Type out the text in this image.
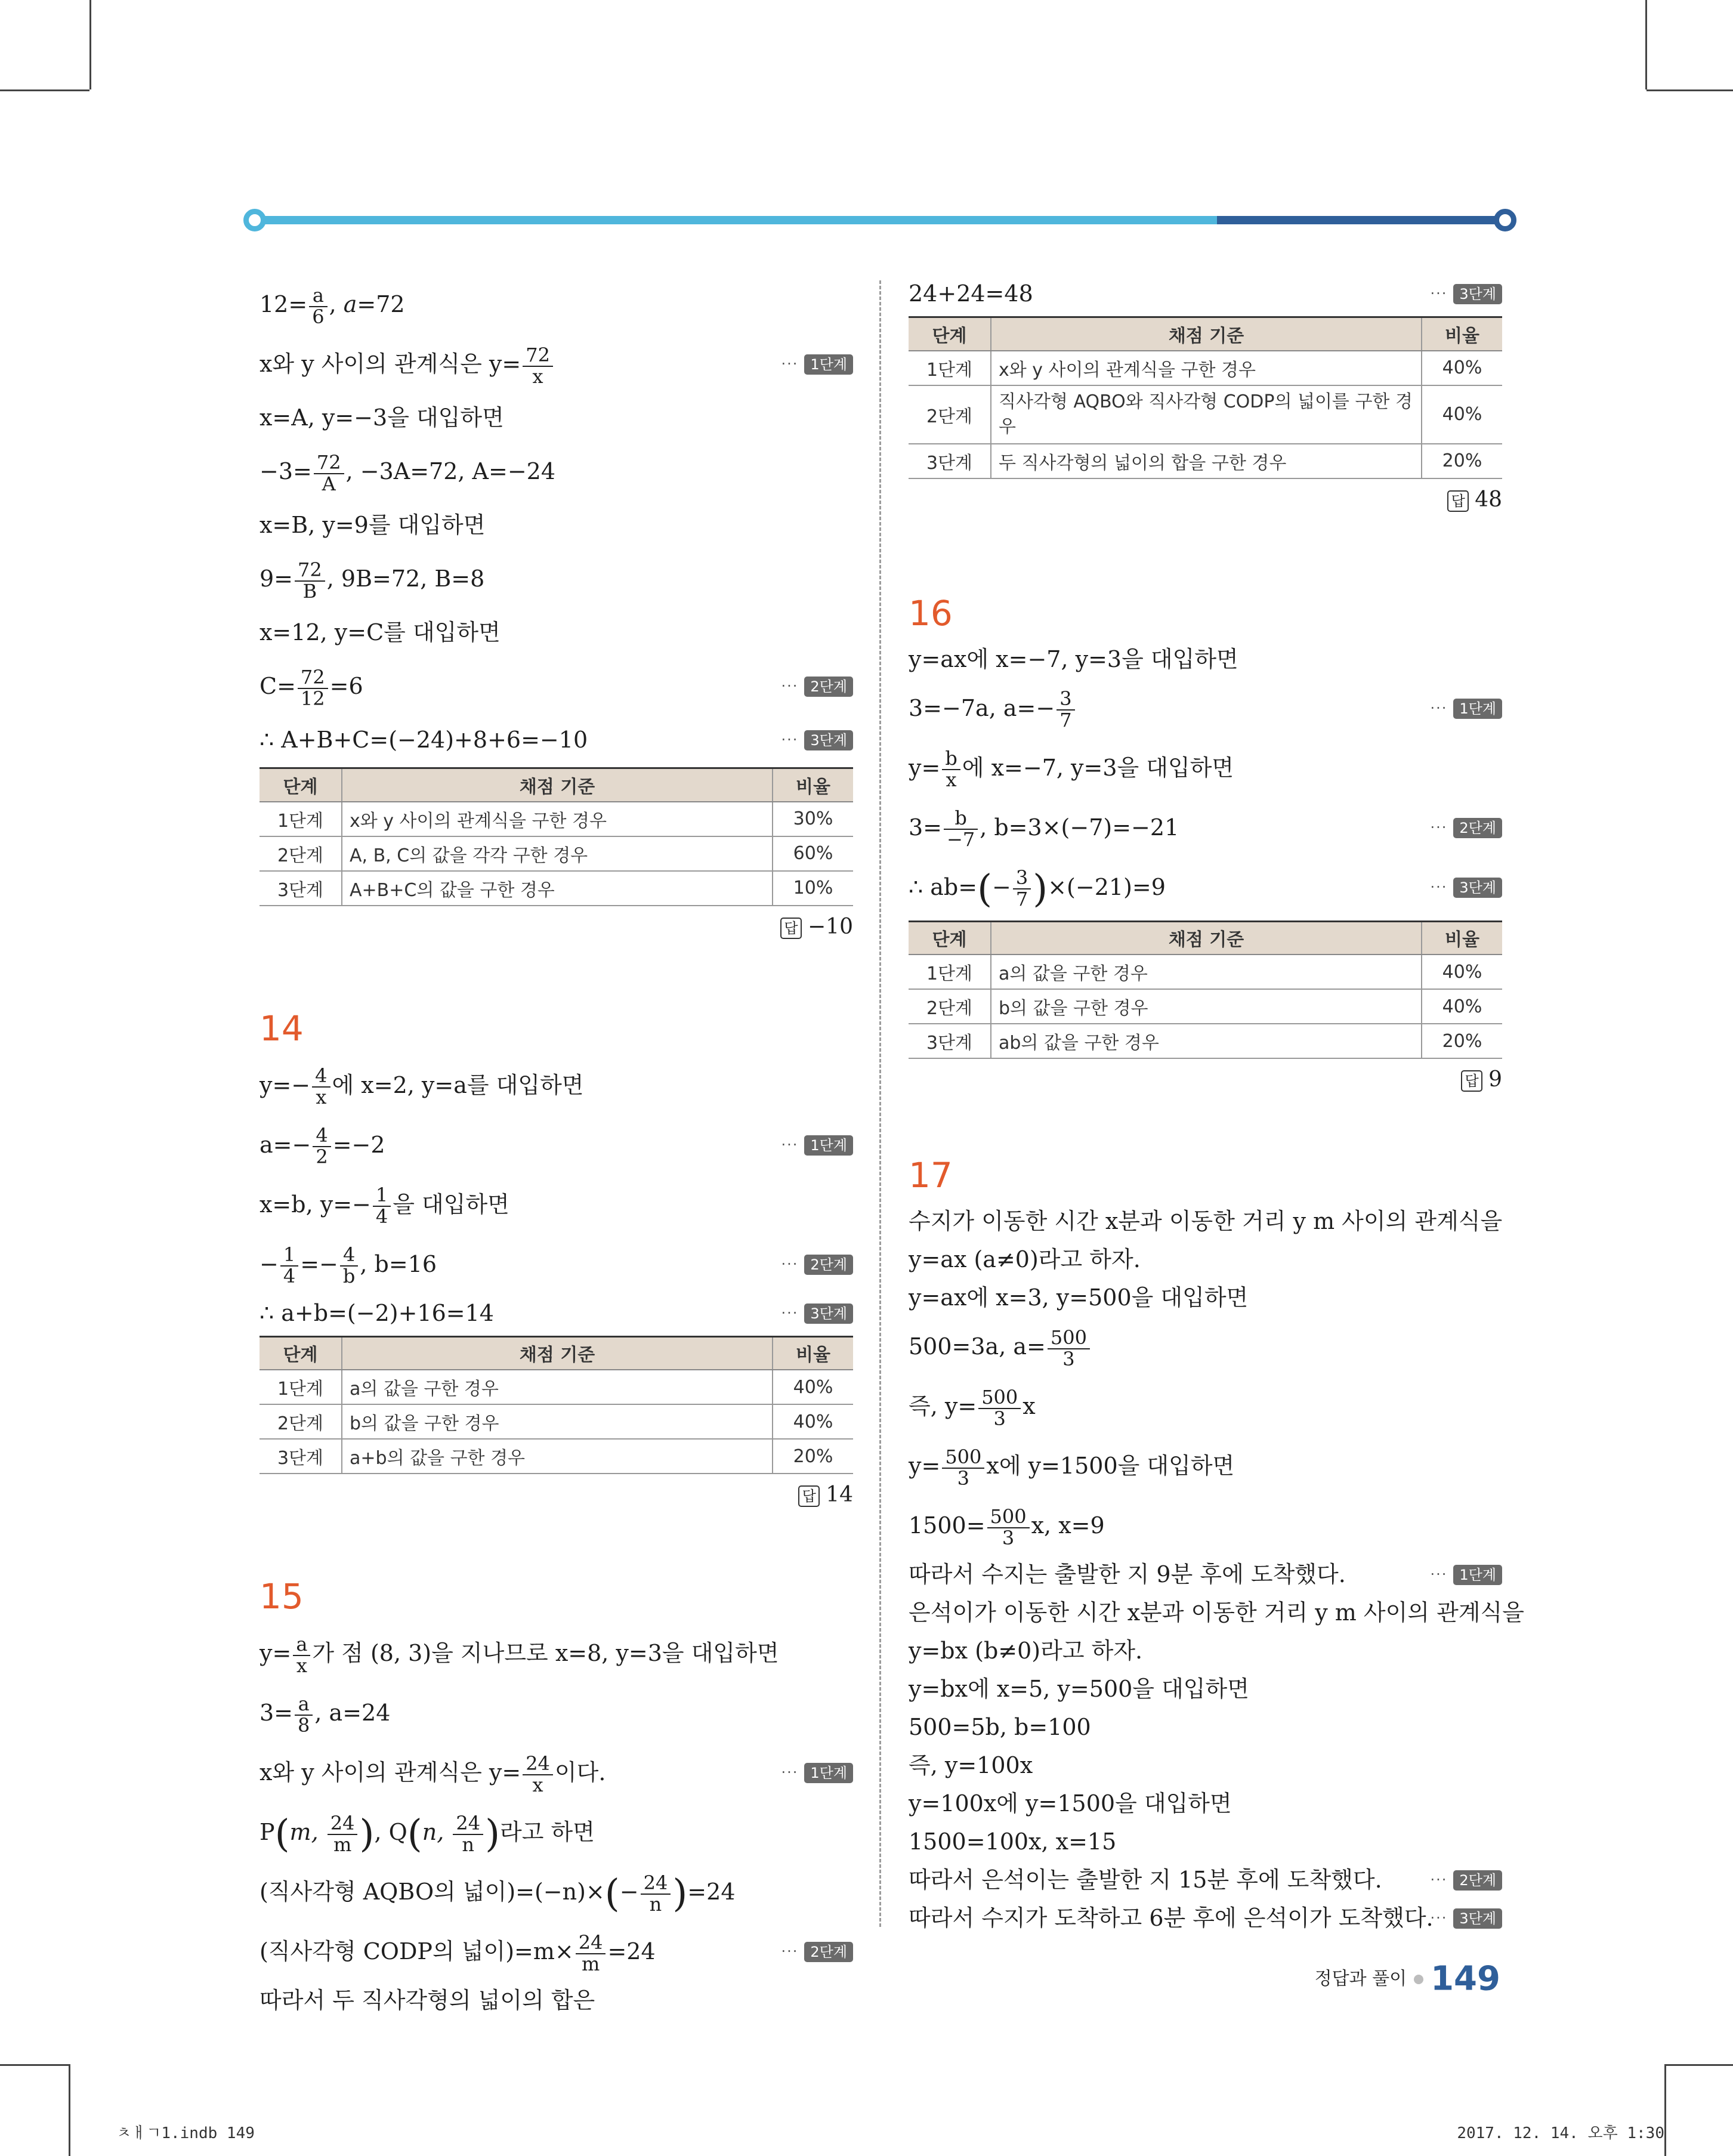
$12= \frac{a}{6}$ , a=72
x와 y 사이의 관계식은 $y= \frac{72}{x}$	··· 1단계
x=A, y=−3을 대입하면
$-3= \frac{72}{A}$ , −3A=72, A=−24
x=B, y=9를 대입하면
$9= \frac{72}{B}$ , 9B=72, B=8
x=12, y=C를 대입하면
$C= \frac{72}{12} =6$	··· 2단계
∴ A+B+C=(−24)+8+6=−10	··· 3단계
단계	채점 기준	비율
1단계	x와 y 사이의 관계식을 구한 경우	30%
2단계	A, B, C의 값을 각각 구한 경우	60%
3단계	A+B+C의 값을 구한 경우	10%
답 −10
14
$y=- \frac{4}{x}$ 에 x=2, y=a를 대입하면
$a=- \frac{4}{2} =-2$	··· 1단계
x=b, $y=- \frac{1}{4}$ 을 대입하면
− $\frac{1}{4} =- \frac{4}{b}$ , b=16	··· 2단계
∴ a+b=(−2)+16=14	··· 3단계
단계	채점 기준	비율
1단계	a의 값을 구한 경우	40%
2단계	b의 값을 구한 경우	40%
3단계	a+b의 값을 구한 경우	20%
답 14
15
$y= \frac{a}{x}$ 가 점 (8, 3)을 지나므로 x=8, y=3을 대입하면
$3= \frac{a}{8}$ , a=24
x와 y 사이의 관계식은 $y= \frac{24}{x}$ 이다.	··· 1단계
P(m, $\frac{24}{m}$ ), Q(n, $\frac{24}{n}$ )라고 하면
(직사각형 AQBO의 넓이)$=(-n)\times(- \frac{24}{n} )=24$
(직사각형 CODP의 넓이)$=m\times \frac{24}{m} =24$	··· 2단계
따라서 두 직사각형의 넓이의 합은
24+24=48	··· 3단계
단계	채점 기준	비율
1단계	x와 y 사이의 관계식을 구한 경우	40%
2단계	직사각형 AQBO와 직사각형 CODP의 넓이를 구한 경우	40%
3단계	두 직사각형의 넓이의 합을 구한 경우	20%
답 48
16
y=ax에 x=−7, y=3을 대입하면
3=−7a, $a=- \frac{3}{7}$	··· 1단계
$y= \frac{b}{x}$ 에 x=−7, y=3을 대입하면
$3= \frac{b}{-7}$ , b=3×(−7)=−21	··· 2단계
∴ $ab=(- \frac{3}{7} )\times(-21)=9$	··· 3단계
단계	채점 기준	비율
1단계	a의 값을 구한 경우	40%
2단계	b의 값을 구한 경우	40%
3단계	ab의 값을 구한 경우	20%
답 9
17
수지가 이동한 시간 x분과 이동한 거리 y m 사이의 관계식을
y=ax (a≠0)라고 하자.
y=ax에 x=3, y=500을 대입하면
500=3a, $a= \frac{500}{3}$
즉, $y= \frac{500}{3}$ x
$y= \frac{500}{3}$ x에 y=1500을 대입하면
$1500= \frac{500}{3} x$, x=9
따라서 수지는 출발한 지 9분 후에 도착했다.	··· 1단계
은석이가 이동한 시간 x분과 이동한 거리 y m 사이의 관계식을
y=bx (b≠0)라고 하자.
y=bx에 x=5, y=500을 대입하면
500=5b, b=100
즉, y=100x
y=100x에 y=1500을 대입하면
1500=100x, x=15
따라서 은석이는 출발한 지 15분 후에 도착했다.	··· 2단계
따라서 수지가 도착하고 6분 후에 은석이가 도착했다.
··· 3단계
정답과 풀이 149
ㅊㅐㄱ1.indb 149	2017. 12. 14. 오후 1:30
